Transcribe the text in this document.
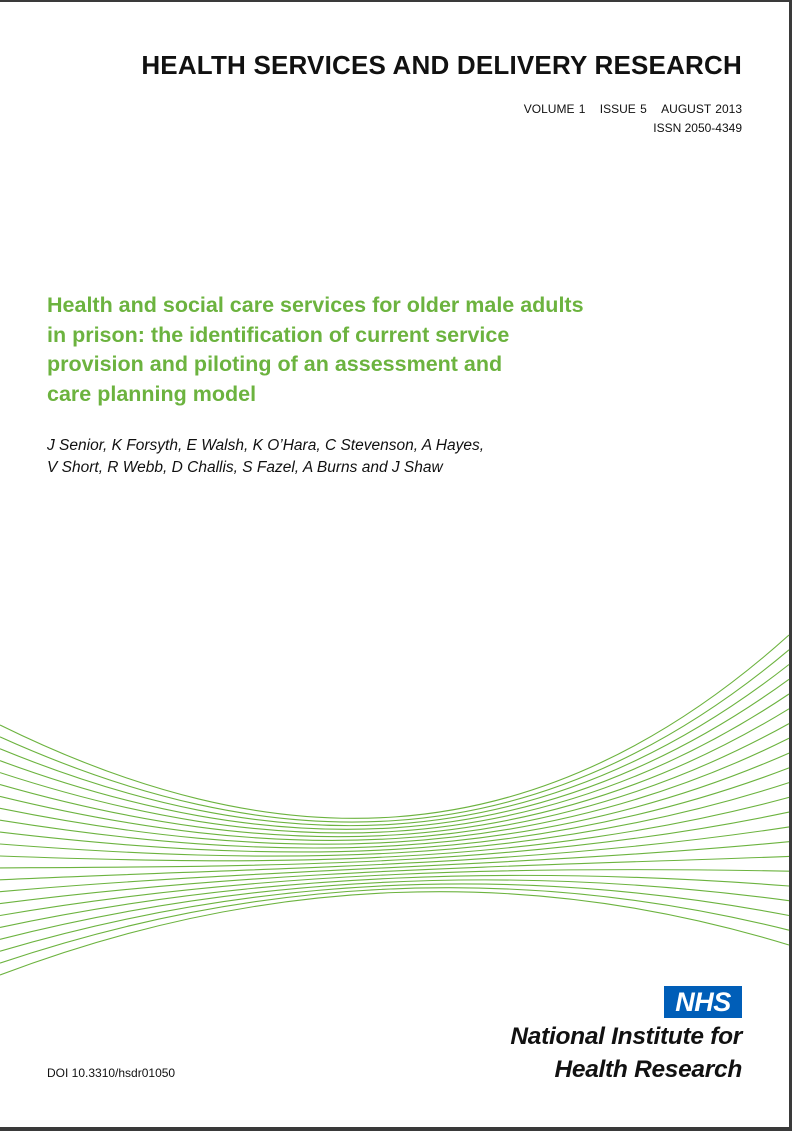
HEALTH SERVICES AND DELIVERY RESEARCH
VOLUME 1 ISSUE 5 AUGUST 2013
ISSN 2050-4349
Health and social care services for older male adults
in prison: the identification of current service
provision and piloting of an assessment and
care planning model
J Senior, K Forsyth, E Walsh, K O’Hara, C Stevenson, A Hayes,
V Short, R Webb, D Challis, S Fazel, A Burns and J Shaw
NHS
National Institute for
Health Research
DOI 10.3310/hsdr01050
